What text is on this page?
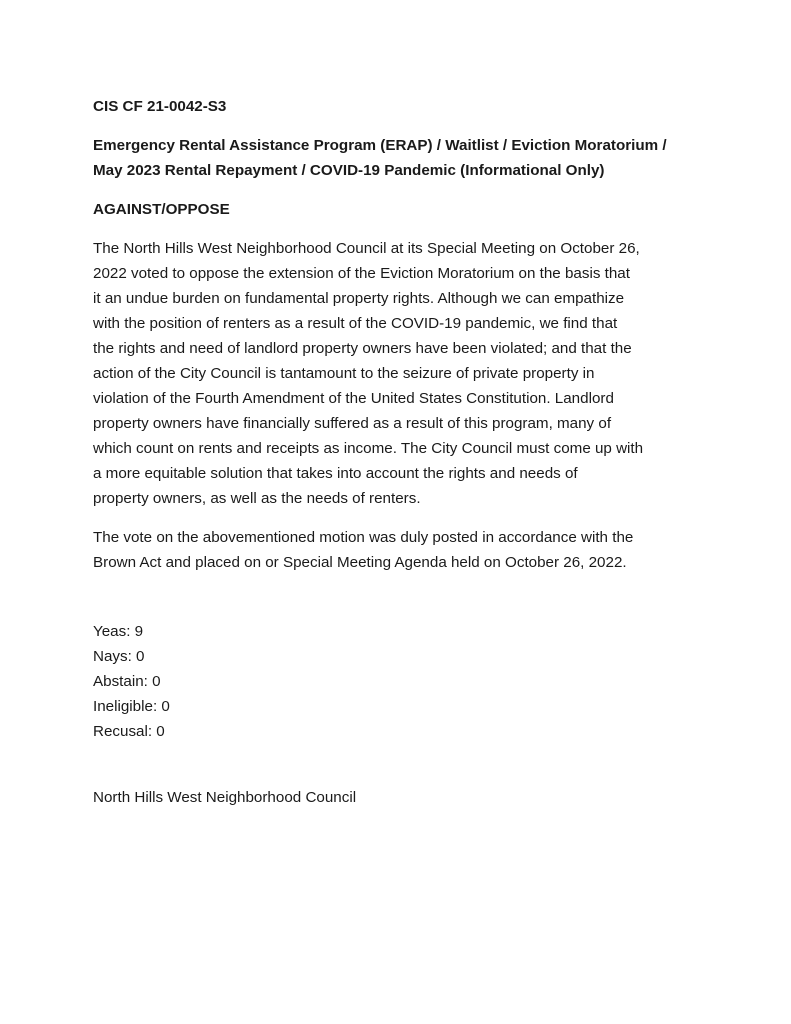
CIS CF 21-0042-S3
Emergency Rental Assistance Program (ERAP) / Waitlist / Eviction Moratorium /
May 2023 Rental Repayment / COVID-19 Pandemic (Informational Only)
AGAINST/OPPOSE
The North Hills West Neighborhood Council at its Special Meeting on October 26,
2022 voted to oppose the extension of the Eviction Moratorium on the basis that
it an undue burden on fundamental property rights. Although we can empathize
with the position of renters as a result of the COVID-19 pandemic, we find that
the rights and need of landlord property owners have been violated; and that the
action of the City Council is tantamount to the seizure of private property in
violation of the Fourth Amendment of the United States Constitution. Landlord
property owners have financially suffered as a result of this program, many of
which count on rents and receipts as income. The City Council must come up with
a more equitable solution that takes into account the rights and needs of
property owners, as well as the needs of renters.
The vote on the abovementioned motion was duly posted in accordance with the
Brown Act and placed on or Special Meeting Agenda held on October 26, 2022.
Yeas: 9
Nays: 0
Abstain: 0
Ineligible: 0
Recusal: 0
North Hills West Neighborhood Council
